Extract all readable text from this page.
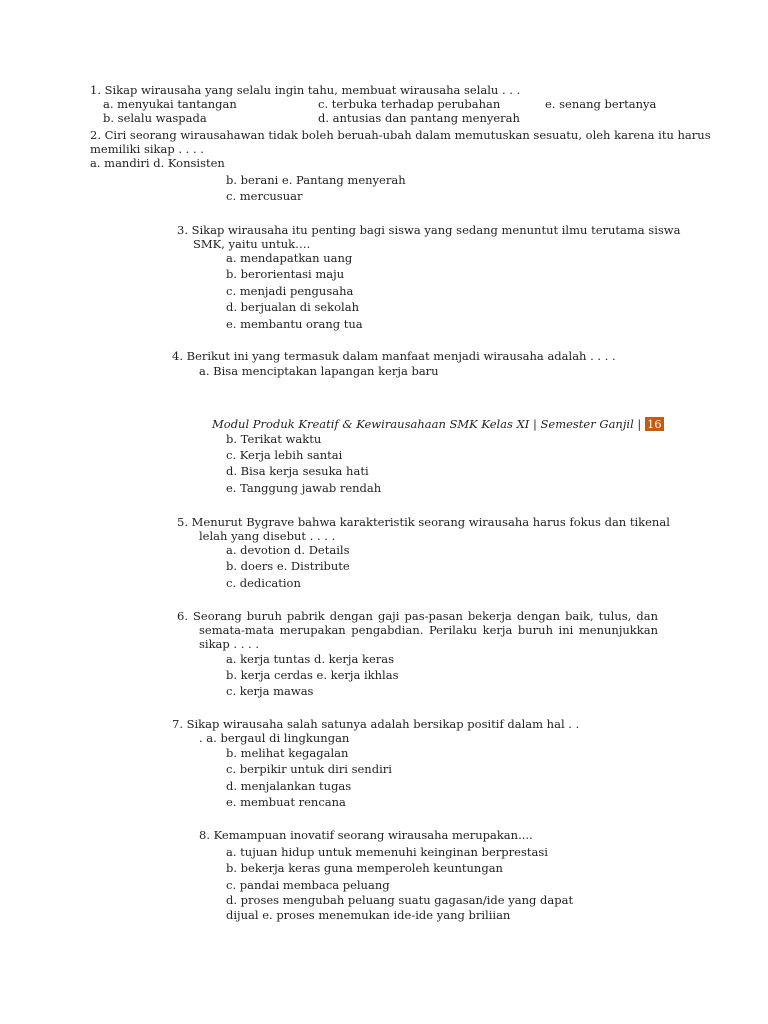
1. Sikap wirausaha yang selalu ingin tahu, membuat wirausaha selalu . . .
a. menyukai tantangan	c. terbuka terhadap perubahan	e. senang bertanya
b. selalu waspada	d. antusias dan pantang menyerah
2. Ciri seorang wirausahawan tidak boleh beruah-ubah dalam memutuskan sesuatu, oleh karena itu harus
memiliki sikap . . . .
a. mandiri d. Konsisten
b. berani e. Pantang menyerah
c. mercusuar
3. Sikap wirausaha itu penting bagi siswa yang sedang menuntut ilmu terutama siswa
SMK, yaitu untuk….
a. mendapatkan uang
b. berorientasi maju
c. menjadi pengusaha
d. berjualan di sekolah
e. membantu orang tua
4. Berikut ini yang termasuk dalam manfaat menjadi wirausaha adalah . . . .
a. Bisa menciptakan lapangan kerja baru
Modul Produk Kreatif & Kewirausahaan SMK Kelas XI | Semester Ganjil | 16
b. Terikat waktu
c. Kerja lebih santai
d. Bisa kerja sesuka hati
e. Tanggung jawab rendah
5. Menurut Bygrave bahwa karakteristik seorang wirausaha harus fokus dan tikenal
lelah yang disebut . . . .
a. devotion d. Details
b. doers e. Distribute
c. dedication
6. Seorang buruh pabrik dengan gaji pas-pasan bekerja dengan baik, tulus, dan
semata-mata merupakan pengabdian. Perilaku kerja buruh ini menunjukkan
sikap . . . .
a. kerja tuntas d. kerja keras
b. kerja cerdas e. kerja ikhlas
c. kerja mawas
7. Sikap wirausaha salah satunya adalah bersikap positif dalam hal . .
. a. bergaul di lingkungan
b. melihat kegagalan
c. berpikir untuk diri sendiri
d. menjalankan tugas
e. membuat rencana
8. Kemampuan inovatif seorang wirausaha merupakan....
a. tujuan hidup untuk memenuhi keinginan berprestasi
b. bekerja keras guna memperoleh keuntungan
c. pandai membaca peluang
d. proses mengubah peluang suatu gagasan/ide yang dapat
dijual e. proses menemukan ide-ide yang briliian
